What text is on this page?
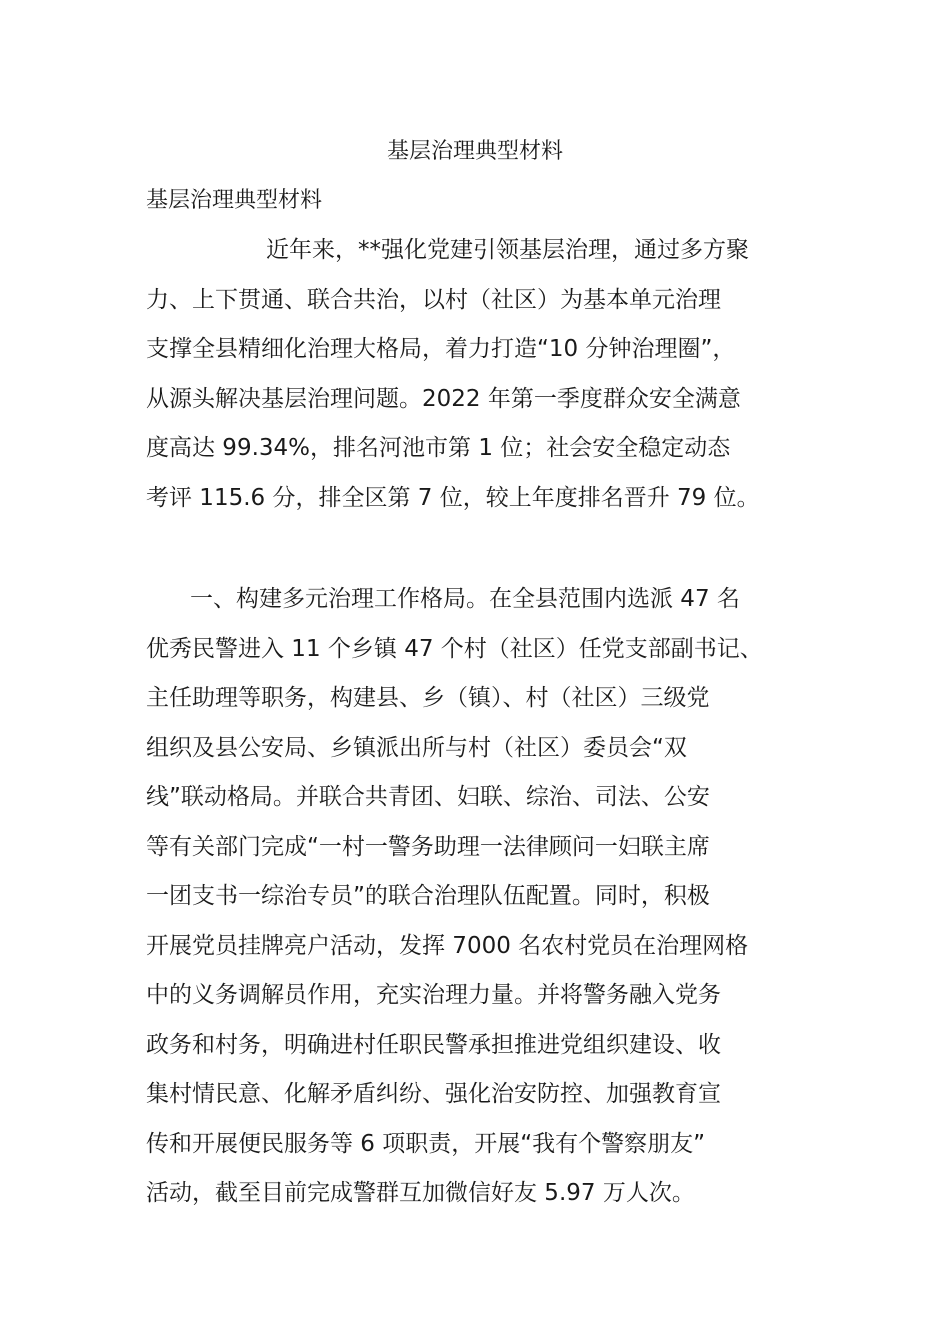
基层治理典型材料
基层治理典型材料

近年来，**强化党建引领基层治理，通过多方聚
力、上下贯通、联合共治，以村（社区）为基本单元治理
支撑全县精细化治理大格局，着力打造“10 分钟治理圈”，
从源头解决基层治理问题。2022 年第一季度群众安全满意
度高达 99.34%，排名河池市第 1 位；社会安全稳定动态
考评 115.6 分，排全区第 7 位，较上年度排名晋升 79 位。

一、构建多元治理工作格局。在全县范围内选派 47 名
优秀民警进入 11 个乡镇 47 个村（社区）任党支部副书记、
主任助理等职务，构建县、乡（镇）、村（社区）三级党
组织及县公安局、乡镇派出所与村（社区）委员会“双
线”联动格局。并联合共青团、妇联、综治、司法、公安
等有关部门完成“一村一警务助理一法律顾问一妇联主席
一团支书一综治专员”的联合治理队伍配置。同时，积极
开展党员挂牌亮户活动，发挥 7000 名农村党员在治理网格
中的义务调解员作用，充实治理力量。并将警务融入党务
政务和村务，明确进村任职民警承担推进党组织建设、收
集村情民意、化解矛盾纠纷、强化治安防控、加强教育宣
传和开展便民服务等 6 项职责，开展“我有个警察朋友”
活动，截至目前完成警群互加微信好友 5.97 万人次。
